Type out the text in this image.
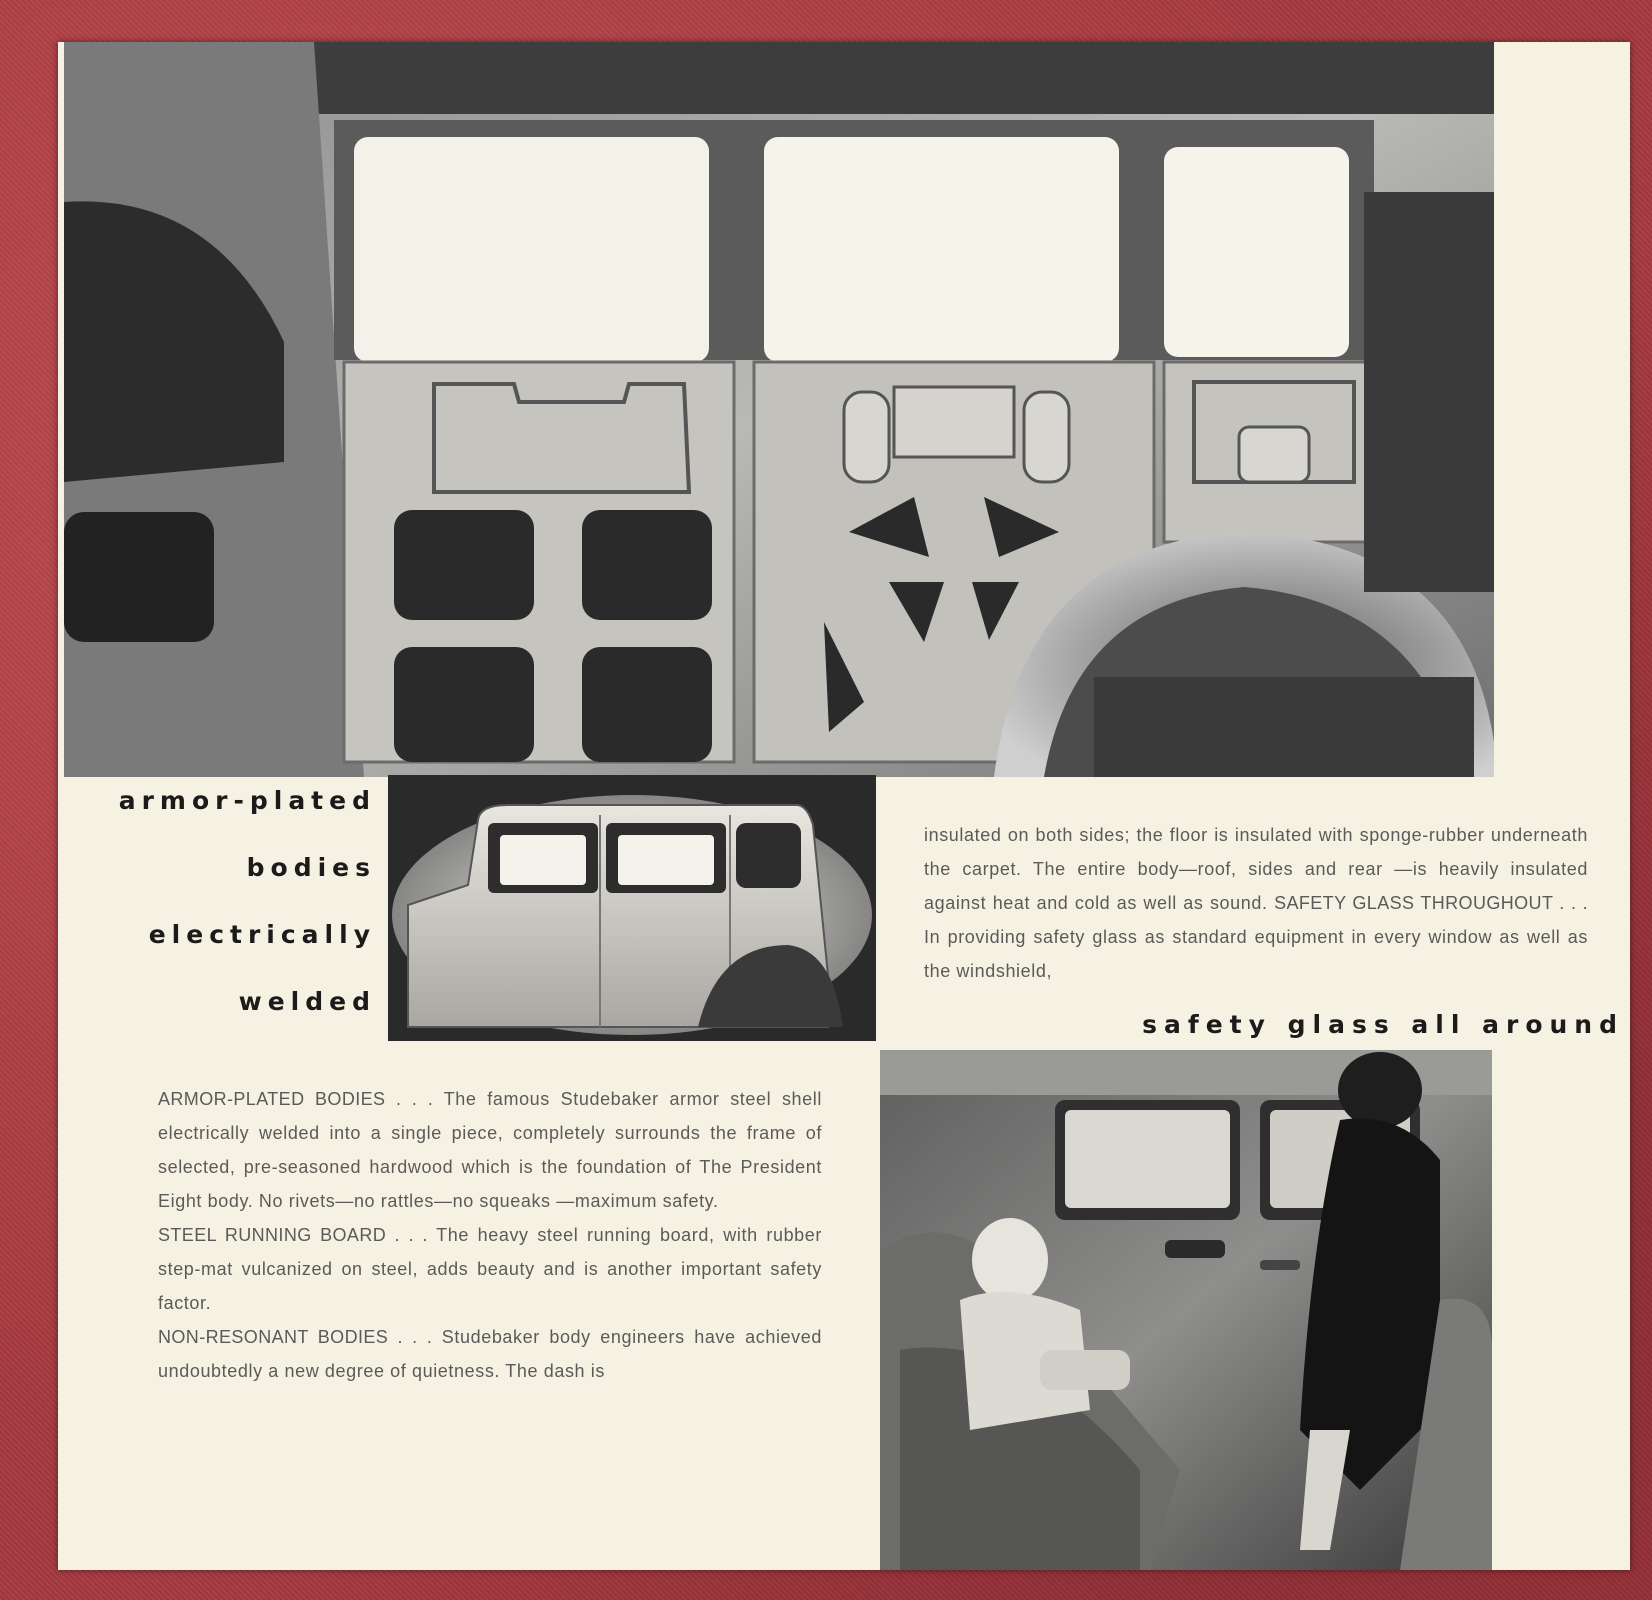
armor-plated
bodies
electrically
welded

insulated on both sides; the floor is insulated with sponge-rubber underneath the carpet. The entire body—roof, sides and rear —is heavily insulated against heat and cold as well as sound. SAFETY GLASS THROUGHOUT . . . In providing safety glass as standard equipment in every window as well as the windshield,

safety glass all around

ARMOR-PLATED BODIES . . . The famous Studebaker armor steel shell electrically welded into a single piece, completely surrounds the frame of selected, pre-seasoned hardwood which is the foundation of The President Eight body. No rivets—no rattles—no squeaks —maximum safety.

STEEL RUNNING BOARD . . . The heavy steel running board, with rubber step-mat vulcanized on steel, adds beauty and is another important safety factor.

NON-RESONANT BODIES . . . Studebaker body engineers have achieved undoubtedly a new degree of quietness. The dash is
